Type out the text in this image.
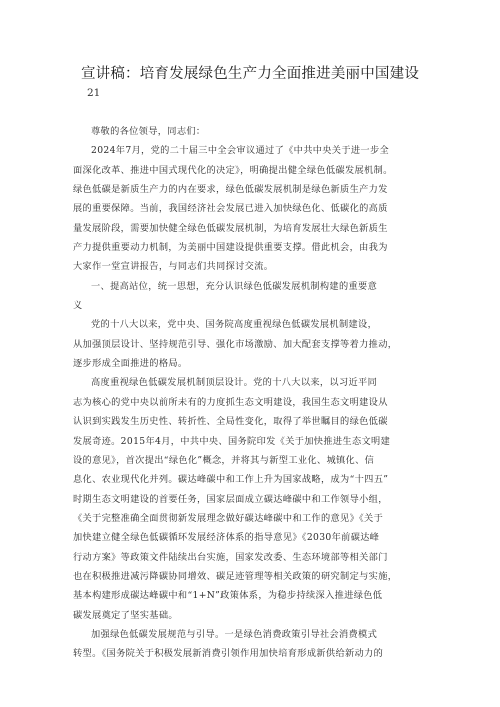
宣讲稿：培育发展绿色生产力全面推进美丽中国建设
21
尊敬的各位领导，同志们：
2024年7月，党的二十届三中全会审议通过了《中共中央关于进一步全
面深化改革、推进中国式现代化的决定》，明确提出健全绿色低碳发展机制。
绿色低碳是新质生产力的内在要求，绿色低碳发展机制是绿色新质生产力发
展的重要保障。当前，我国经济社会发展已进入加快绿色化、低碳化的高质
量发展阶段，需要加快健全绿色低碳发展机制，为培育发展壮大绿色新质生
产力提供重要动力机制，为美丽中国建设提供重要支撑。借此机会，由我为
大家作一堂宣讲报告，与同志们共同探讨交流。
一、提高站位，统一思想，充分认识绿色低碳发展机制构建的重要意
义
党的十八大以来，党中央、国务院高度重视绿色低碳发展机制建设，
从加强顶层设计、坚持规范引导、强化市场激励、加大配套支撑等着力推动，
逐步形成全面推进的格局。
高度重视绿色低碳发展机制顶层设计。党的十八大以来，以习近平同
志为核心的党中央以前所未有的力度抓生态文明建设，我国生态文明建设从
认识到实践发生历史性、转折性、全局性变化，取得了举世瞩目的绿色低碳
发展奇迹。2015年4月，中共中央、国务院印发《关于加快推进生态文明建
设的意见》，首次提出“绿色化”概念，并将其与新型工业化、城镇化、信
息化、农业现代化并列。碳达峰碳中和工作上升为国家战略，成为“十四五”
时期生态文明建设的首要任务，国家层面成立碳达峰碳中和工作领导小组，
《关于完整准确全面贯彻新发展理念做好碳达峰碳中和工作的意见》《关于
加快建立健全绿色低碳循环发展经济体系的指导意见》《2030年前碳达峰
行动方案》等政策文件陆续出台实施，国家发改委、生态环境部等相关部门
也在积极推进减污降碳协同增效、碳足迹管理等相关政策的研究制定与实施，
基本构建形成碳达峰碳中和“1+N”政策体系，为稳步持续深入推进绿色低
碳发展奠定了坚实基础。
加强绿色低碳发展规范与引导。一是绿色消费政策引导社会消费模式
转型。《国务院关于积极发展新消费引领作用加快培育形成新供给新动力的
